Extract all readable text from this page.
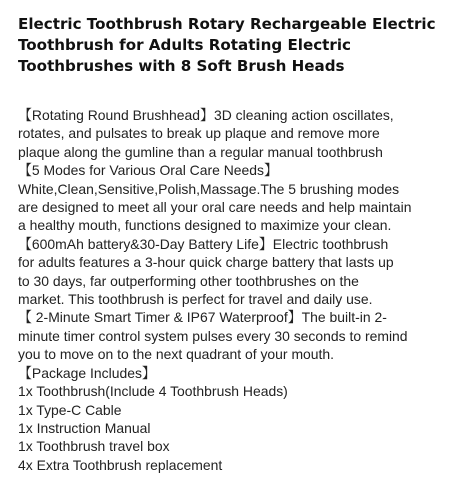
Electric Toothbrush Rotary Rechargeable Electric
Toothbrush for Adults Rotating Electric
Toothbrushes with 8 Soft Brush Heads
【Rotating Round Brushhead】3D cleaning action oscillates,
rotates, and pulsates to break up plaque and remove more
plaque along the gumline than a regular manual toothbrush
【5 Modes for Various Oral Care Needs】
White,Clean,Sensitive,Polish,Massage.The 5 brushing modes
are designed to meet all your oral care needs and help maintain
a healthy mouth, functions designed to maximize your clean.
【600mAh battery&30-Day Battery Life】Electric toothbrush
for adults features a 3-hour quick charge battery that lasts up
to 30 days, far outperforming other toothbrushes on the
market. This toothbrush is perfect for travel and daily use.
【 2-Minute Smart Timer & IP67 Waterproof】The built-in 2-
minute timer control system pulses every 30 seconds to remind
you to move on to the next quadrant of your mouth.
【Package Includes】
1x Toothbrush(Include 4 Toothbrush Heads)
1x Type-C Cable
1x Instruction Manual
1x Toothbrush travel box
4x Extra Toothbrush replacement
